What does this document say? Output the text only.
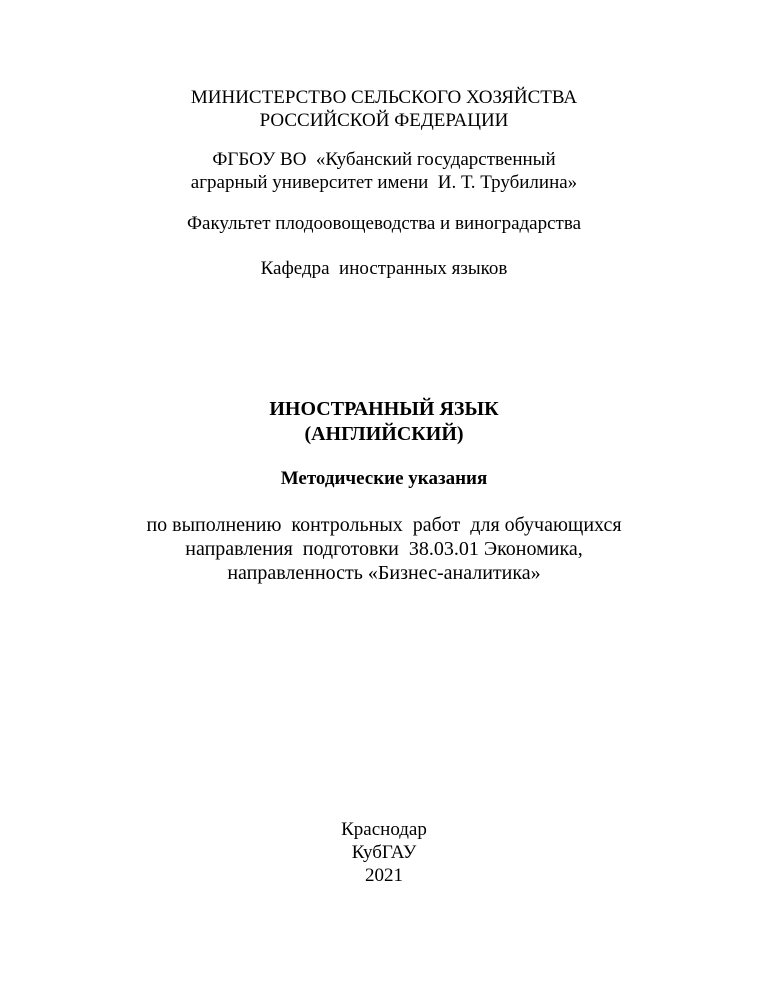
МИНИСТЕРСТВО СЕЛЬСКОГО ХОЗЯЙСТВА
РОССИЙСКОЙ ФЕДЕРАЦИИ
ФГБОУ ВО  «Кубанский государственный
аграрный университет имени  И. Т. Трубилина»
Факультет плодоовощеводства и виноградарства
Кафедра  иностранных языков
ИНОСТРАННЫЙ ЯЗЫК
(АНГЛИЙСКИЙ)
Методические указания
по выполнению  контрольных  работ  для обучающихся
направления  подготовки  38.03.01 Экономика,
направленность «Бизнес-аналитика»
Краснодар
КубГАУ
2021
